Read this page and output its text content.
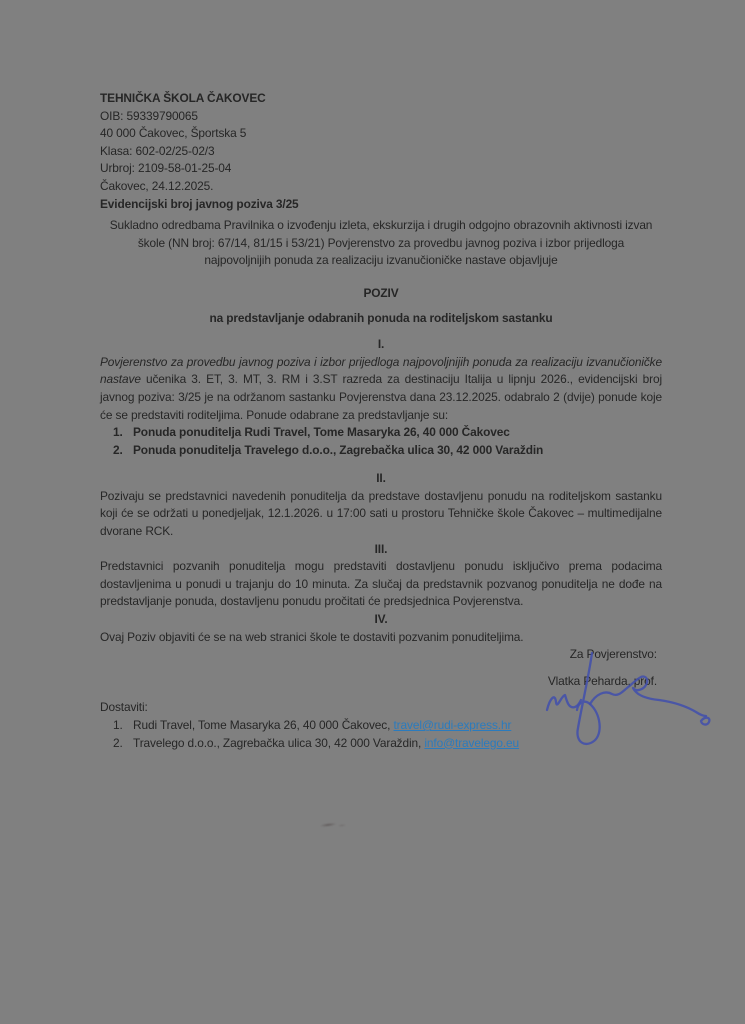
TEHNIČKA ŠKOLA ČAKOVEC
OIB: 59339790065
40 000 Čakovec, Športska 5
Klasa: 602-02/25-02/3
Urbroj: 2109-58-01-25-04
Čakovec, 24.12.2025.
Evidencijski broj javnog poziva 3/25

Sukladno odredbama Pravilnika o izvođenju izleta, ekskurzija i drugih odgojno obrazovnih aktivnosti izvan škole (NN broj: 67/14, 81/15 i 53/21) Povjerenstvo za provedbu javnog poziva i izbor prijedloga najpovoljnijih ponuda za realizaciju izvanučioničke nastave objavljuje

POZIV

na predstavljanje odabranih ponuda na roditeljskom sastanku

I.

Povjerenstvo za provedbu javnog poziva i izbor prijedloga najpovoljnijih ponuda za realizaciju izvanučioničke nastave učenika 3. ET, 3. MT, 3. RM i 3.ST razreda za destinaciju Italija u lipnju 2026., evidencijski broj javnog poziva: 3/25 je na održanom sastanku Povjerenstva dana 23.12.2025. odabralo 2 (dvije) ponude koje će se predstaviti roditeljima. Ponude odabrane za predstavljanje su:

Ponuda ponuditelja Rudi Travel, Tome Masaryka 26, 40 000 Čakovec
Ponuda ponuditelja Travelego d.o.o., Zagrebačka ulica 30, 42 000 Varaždin
II.

Pozivaju se predstavnici navedenih ponuditelja da predstave dostavljenu ponudu na roditeljskom sastanku koji će se održati u ponedjeljak, 12.1.2026. u 17:00 sati u prostoru Tehničke škole Čakovec – multimedijalne dvorane RCK.

III.

Predstavnici pozvanih ponuditelja mogu predstaviti dostavljenu ponudu isključivo prema podacima dostavljenima u ponudi u trajanju do 10 minuta. Za slučaj da predstavnik pozvanog ponuditelja ne dođe na predstavljanje ponuda, dostavljenu ponudu pročitati će predsjednica Povjerenstva.

IV.

Ovaj Poziv objaviti će se na web stranici škole te dostaviti pozvanim ponuditeljima.

Za Povjerenstvo:
Vlatka Peharda, prof.
Dostaviti:
Rudi Travel, Tome Masaryka 26, 40 000 Čakovec, travel@rudi-express.hr
Travelego d.o.o., Zagrebačka ulica 30, 42 000 Varaždin, info@travelego.eu
